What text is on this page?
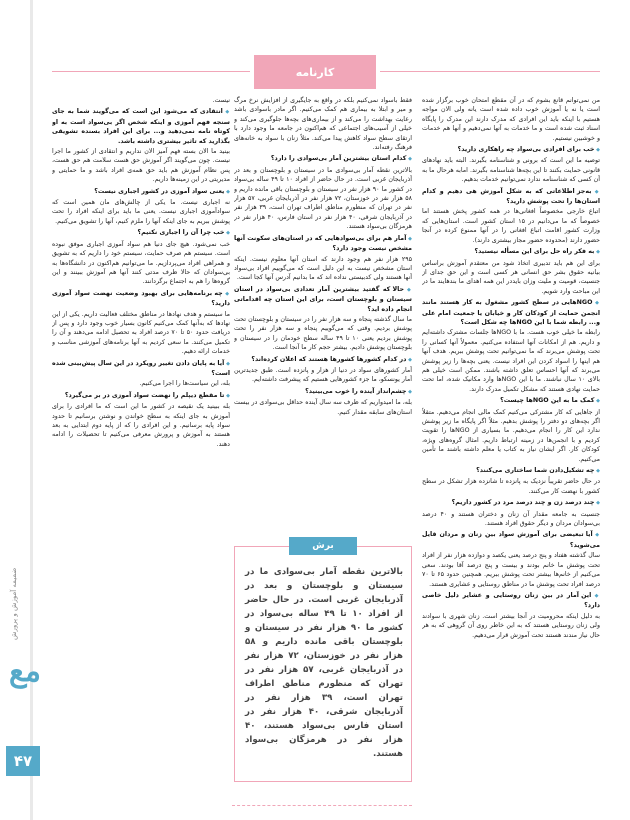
ضمیمه آموزش و پرورش
مع
۴۷
کارنامه
من نمی‌توانم قانع بشوم که در آن مقطع امتحان خوب برگزار شده است یا نه یا آموزش خوب داده شده است یانه ولی الان مواجه هستیم با اینکه باید این افرادی که مدرک دارند این مدرک را پایگاه اسناد ثبت شده است و ما خدمات به آنها نمی‌دهیم و آنها هم خدمات و خوشبین نیستیم.
◆ خب برای افرادی بی‌سواد چه راهکاری دارید؟
توصیه ما این است که برونی و شناسنامه بگیرند. البته باید نهادهای قانونی حمایت بکنند تا این بچه‌ها شناسنامه بگیرند. امابه هرحال ما به آن کسی که شناسنامه ندارد نمی‌توانیم خدمات بدهیم.
◆ به‌جز اطلاعاتی که به شکل آموزش هی دهیم و کدام استان‌ها را تحت پوشش دارید؟
اتباع خارجی مخصوصاً افغانی‌ها در همه کشور پخش هستند اما خصوصاً که ما می‌دانیم در ۱۵ استان کشور است. استان‌هایی که وزارت کشور اقامت اتباع افغانی را در آنها ممنوع کرده در آنجا حضور دارند (محدوده حضور مجاز بیشتری دارند).
◆ به فکر راه حل برای این مسأله نیستید؟
برای این هم باید تدبیری اتخاذ شود من معتقدم آموزش براساس بیانیه حقوق بشر حق انسانی هر کسی است و این حق جدای از جنسیت، قومیت و ملیت وزان بایددر این همه اهدای ما بندهایند ما در این مباحث وارد شویم.
◆ NGOهایی در سطح کشور مشغول به کار هستند مانند انجمن حمایت از کودکان کار و خیابان یا جمعیت امام علی و... رابطه شما با این NGOها چه شکل است؟
رابطه ما خیلی خوب هست. ما با NGOها جلسات مشترک داشته‌ایم و داریم. هم از امکانات آنها استفاده می‌کنیم. معمولاً آنها کسانی را تحت پوشش می‌برند که ما نمی‌توانیم تحت پوشش ببریم. هدف آنها هم اینها را اسواد کردن این افراد نیست. یعنی بچه‌ها را زیر پوشش می‌برند که آنها احساس تعلق داشته باشند. ممکن است خیلی هم بالای ۱۰ سال نباشند. ما با این NGOها وارد مکانیک شده، اما تحت حمایت نهادی هستند که مشکل تکمیل مدرک دارند.
◆ کمک ما به این NGOها چیست؟
از جاهایی که کار مشترکی می‌کنیم کمک مالی انجام می‌دهیم. متقلاً اگر بچه‌های دو دفتر را پوشش بدهیم. مثلاً اگر پایگاه ما زیر پوشش ندارد این کار را انجام می‌دهیم. ما بسیاری از NGOها را تقویت کردیم و با انجمن‌ها در زمینه ارتباط داریم. امثال گروه‌های ویژه، کودکان کار. اگر ایشان نیاز به کتاب یا معلم داشته باشند ما تأمین می‌کنیم.
◆ چه تشکیل‌دادن شما ساختاری می‌کنند؟
در حال حاضر تقریباً نزدیک به پانزده تا شانزده هزار تشکل در سطح کشور با نهضت کار می‌کنند.
◆ چند درصد زن و چند درصد مرد در کشور داریم؟
جنسیت به جامعه مقدار آن زنان و دختران هستند و ۴۰ درصد بی‌سوادان مردان و دیگر حقوق افراد هستند.
◆ آیا تبعیضی برای آموزش سواد بین زنان و مردان قایل می‌شوید؟
سال گذشته هفتاد و پنج درصد یعنی یکصد و دوازده هزار نفر از افراد تحت پوشش ما خانم بودند و بیست و پنج درصد آقا بودند. سعی می‌کنیم از خانم‌ها بیشتر تحت پوشش ببریم. همچنین حدود ۶۵ تا ۷۰ درصد افراد تحت پوشش ما در مناطق روستایی و عشایری هستند.
◆ این آمار در بین زنان روستایی و عشایر دلیل خاصی دارد؟
به دلیل اینکه محرومیت در آنجا بیشتر است. زنان شهری با سوادند ولی زنان روستایی هستند که به این خاطر روی آن گروهی که به هر حال نیاز مندند هستند تحت آموزش قرار می‌دهیم.
فقط باسواد نمی‌کنیم بلکه در واقع به جایگیری از افزایش نرخ مرگ و میر و ابتلا به بیماری هم کمک می‌کنیم. اگر مادر باسوادی باشد رعایت بهداشت را می‌کند و از بیماری‌های بچه‌ها جلوگیری می‌کند و خیلی از آسیب‌های اجتماعی که هم‌اکنون در جامعه ما وجود دارد با ارتقای سطح سواد کاهش پیدا می‌کند. مثلاً زنان با سواد به خانه‌های فرهنگ رفته‌اند.
◆ کدام استان بیشترین آمار بی‌سوادی را دارد؟
بالاترین نقطه آمار بی‌سوادی ما در سیستان و بلوچستان و بعد در آذربایجان غربی است. در حال حاضر از افراد ۱۰ تا ۴۹ ساله بی‌سواد در کشور ما ۹۰ هزار نفر در سیستان و بلوچستان باقی مانده داریم و ۵۸ هزار نفر در خوزستان، ۷۲ هزار نفر در آذربایجان غربی، ۵۷ هزار نفر در تهران که منظورم مناطق اطراف تهران است، ۳۹ هزار نفر در آذربایجان شرقی، ۴۰ هزار نفر در استان فارس، ۴۰ هزار نفر در هرمزگان بی‌سواد هستند.
◆ آمار هم برای بی‌سوادهایی که در استان‌های سکونت آنها مشخص نیست وجود دارد؟
۲۹۵ هزار نفر هم وجود دارند که استان آنها معلوم نیست. اینکه استان مشخص نیست به این دلیل است که می‌گوییم افراد بی‌سواد آنها هستند ولی کدبیستی نداده اند که ما بدانیم آدرس آنها کجا است.
◆ حالا که گفتید بیشترین آمار تعدادی بی‌سواد در استان سیستان و بلوچستان است، برای این استان چه اقداماتی انجام داده اید؟
ما سال گذشته پنجاه و سه هزار نفر را در سیستان و بلوچستان تحت پوشش بردیم. وقتی که می‌گوییم پنجاه و سه هزار نفر را تحت پوشش بردیم یعنی ۱۰ تا ۴۹ ساله سطح خودمان را در سیستان و بلوچستان پوشش دادیم. بیشتر حجم کار ما آنجا است.
◆ در کدام کشورها کشورها هستند که اعلان کرده‌اند؟
آمار کشورهای سواد در دنیا از هزار و پانزده است. طبق جدیدترین آمار یونسکو، ما جزء کشورهایی هستیم که پیشرفت داشته‌ایم.
◆ چشم‌انداز آینده را خوب می‌بینید؟
بله، ما امیدواریم که ظرف سه سال آینده حداقل بی‌سوادی در بیست استان‌های سابقه مقدار کنیم.
نیست.
◆ انتقادی که می‌شود این است که می‌گویند شما به جای سنجه فهم آموزی و اینکه شخص اگر بی‌سواد است به او کوتاه نامه نمی‌دهید و... برای این افراد بسنده تشویقی بگذارید که تاثیر بیشتری داشته باشد.
بینید ما الان بسته فهم آمیز الان نداریم و انتقادی از کشور ما اجرا نیست. چون می‌گویند اگر آموزش حق هست سلامت هم حق هست، پس نظام آموزش هم باید حق همه‌ی افراد باشد و ما حمایتی و مدیریتی در این زمینه‌ها داریم.
◆ یعنی سواد آموزی در کشور اجباری نیست؟
نه اجباری نیست. ما یکی از چالش‌های مان همین است که سوادآموزی اجباری نیست. یعنی ما باید برای اینکه افراد را تحت پوشش ببریم به جای اینکه آنها را ملزم کنیم، آنها را تشویق می‌کنیم.
◆ خب چرا آن را اجباری نکنیم؟
خب نمی‌شود. هیچ جای دنیا هم سواد آموزی اجباری موفق نبوده است. سیستم هم صرف حمایت، سیستم خود را داریم که به تشویق و همراهی افراد می‌پردازیم. ما می‌توانیم هم‌اکنون در دانشگاه‌ها به بی‌سوادان که حالا ظرف مدتی کنند آنها هم آموزش ببینند و این گروه‌ها را هم به اجتماع برگردانند.
◆ چه برنامه‌هایی برای بهبود وضعیت نهضت سواد آموزی دارید؟
ما سیستم و هدف نهادها در مناطق مختلف فعالیت داریم. یکی از این نهادها که به‌آنها کمک می‌کنیم کانون بسیار خوب وجود دارد و پس از دریافت حدود ۵۰ تا ۷۰ درصد افراد به تحصیل ادامه می‌دهند و آن را تکمیل می‌کنند. ما سعی کردیم به آنها برنامه‌های آموزشی مناسب و خدمات ارائه دهیم.
◆ آیا به پایان دادن تغییر رویکرد در این سال پیش‌بینی شده است؟
بله، این سیاست‌ها را اجرا می‌کنیم.
◆ تا مقطع دیپلم را نهضت سواد آموزی در بر می‌گیرد؟
بله ببینید یک نقیصه در کشور ما این است که ما افرادی را برای آموزش به جای اینکه به سطح خواندن و نوشتن برسانیم تا حدود سواد پایه برسانیم. و این افرادی را که از پایه دوم ابتدایی به بعد هستند به آموزش و پرورش معرفی می‌کنیم تا تحصیلات را ادامه دهند.
برش
بالاترین نقطه آمار بی‌سوادی ما در سیستان و بلوچستان و بعد در آذربایجان غربی است. در حال حاضر از افراد ۱۰ تا ۴۹ ساله بی‌سواد در کشور ما ۹۰ هزار نفر در سیستان و بلوچستان باقی مانده داریم و ۵۸ هزار نفر در خوزستان، ۷۲ هزار نفر در آذربایجان غربی، ۵۷ هزار نفر در تهران که منظورم مناطق اطراف تهران است، ۳۹ هزار نفر در آذربایجان شرقی، ۴۰ هزار نفر در استان فارس بی‌سواد هستند، ۴۰ هزار نفر در هرمزگان بی‌سواد هستند.
